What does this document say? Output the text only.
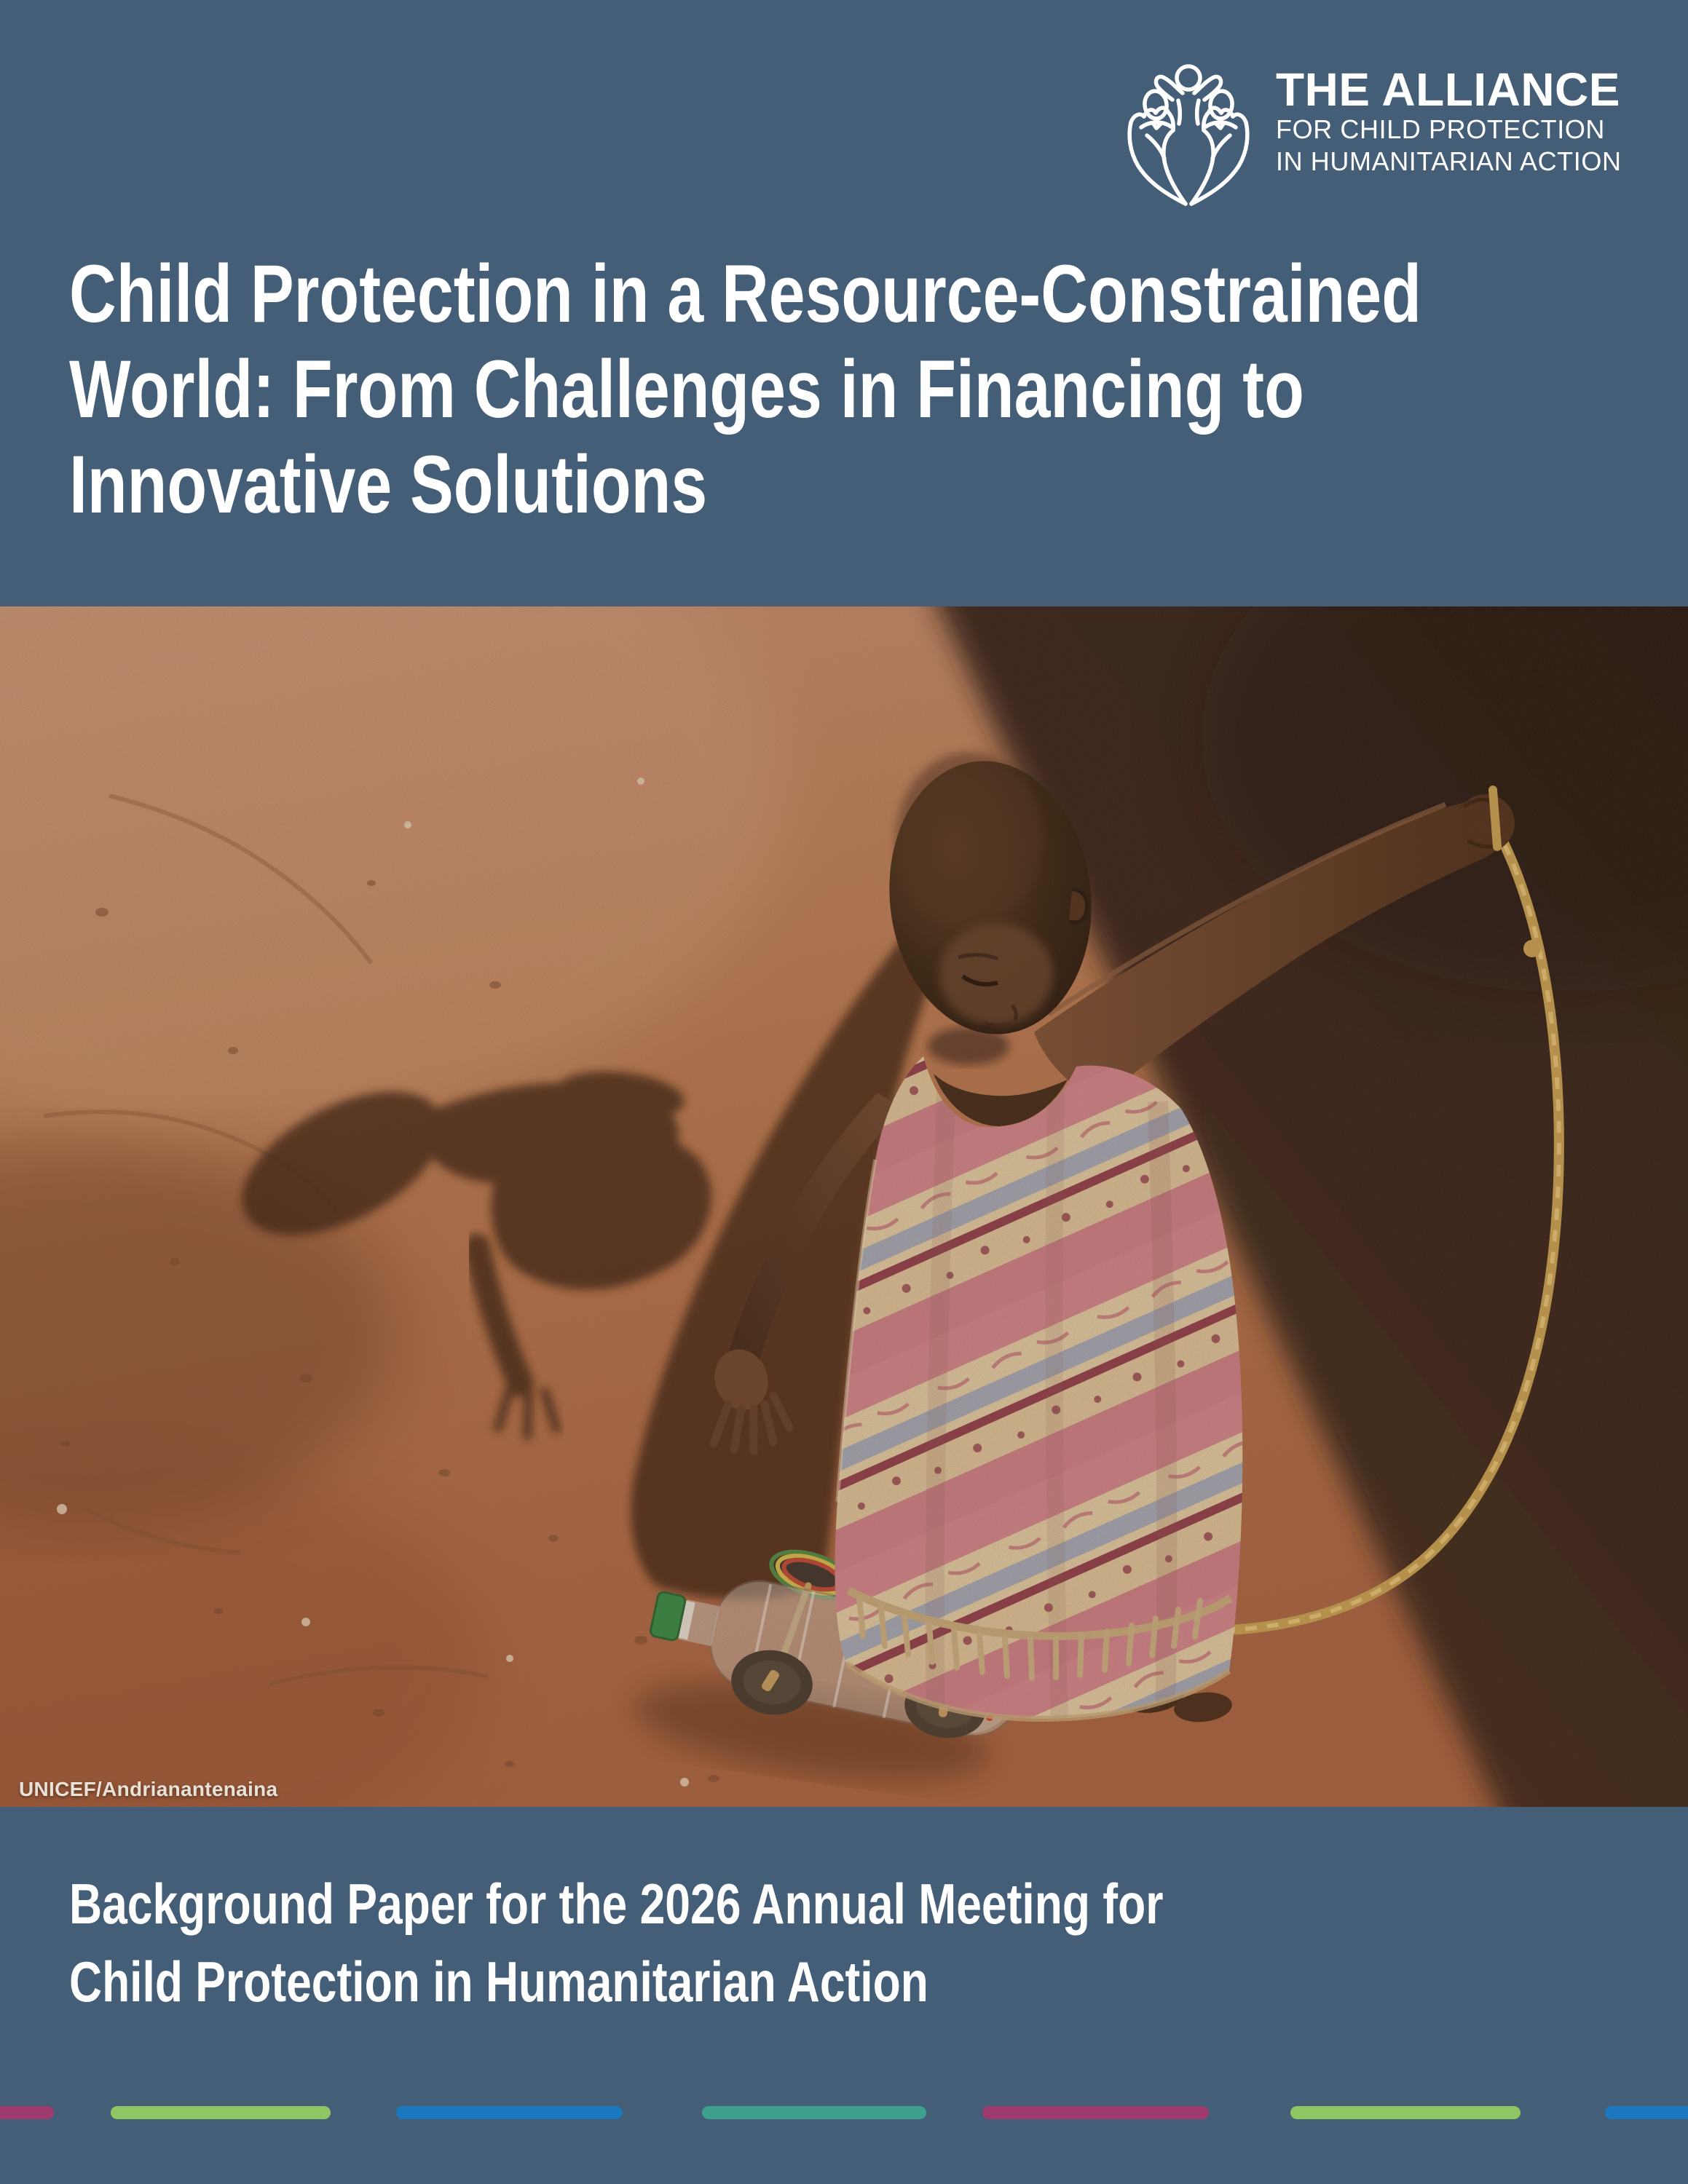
THE ALLIANCE
FOR CHILD PROTECTION
IN HUMANITARIAN ACTION
Child Protection in a Resource-Constrained
World: From Challenges in Financing to
Innovative Solutions
UNICEF/Andrianantenaina
Background Paper for the 2026 Annual Meeting for
Child Protection in Humanitarian Action
